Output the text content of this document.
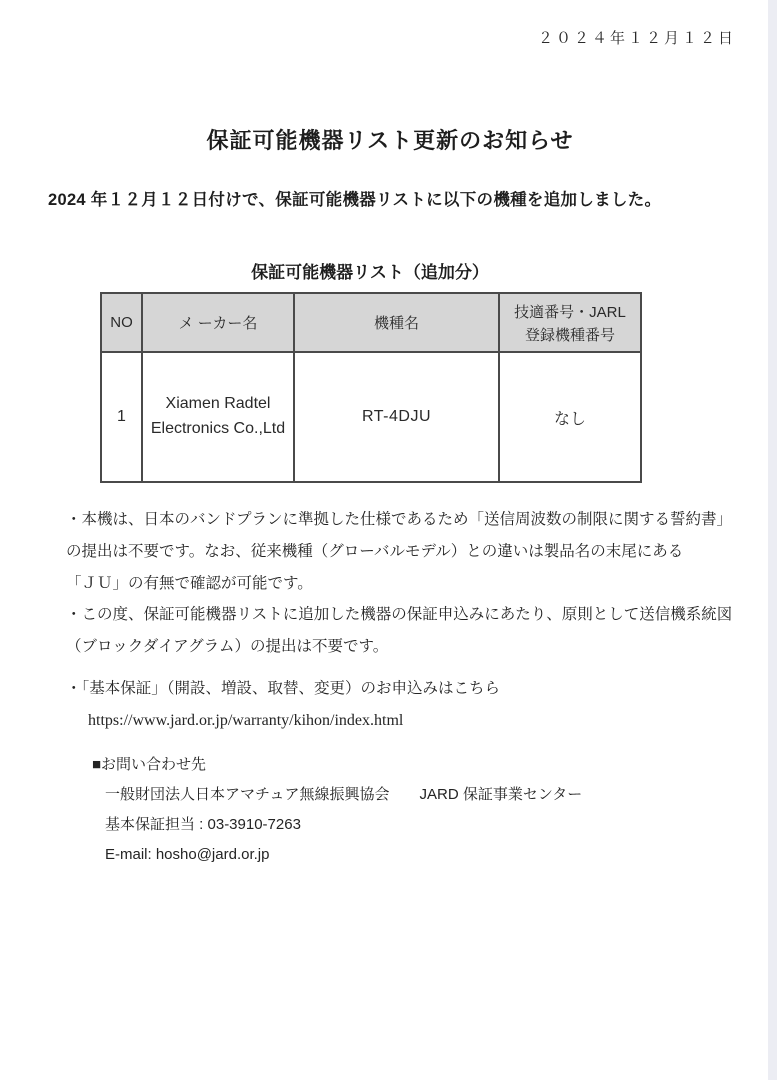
２０２４年１２月１２日
保証可能機器リスト更新のお知らせ
2024 年１２月１２日付けで、保証可能機器リストに以下の機種を追加しました。
保証可能機器リスト（追加分）
NO	メ ーカー名	機種名	技適番号・JARL
登録機種番号

1	Xiamen Radtel Electronics Co.,Ltd	RT-4DJU	なし
・本機は、日本のバンドプランに準拠した仕様であるため「送信周波数の制限に関する誓約書」
の提出は不要です。なお、従来機種（グローバルモデル）との違いは製品名の末尾にある
「ＪＵ」の有無で確認が可能です。
・この度、保証可能機器リストに追加した機器の保証申込みにあたり、原則として送信機系統図
（ブロックダイアグラム）の提出は不要です。
・「基本保証」（開設、増設、取替、変更）のお申込みはこちら
https://www.jard.or.jp/warranty/kihon/index.html

■お問い合わせ先

一般財団法人日本アマチュア無線振興協会　　JARD 保証事業センター

基本保証担当 : 03-3910-7263

E-mail: hosho@jard.or.jp
